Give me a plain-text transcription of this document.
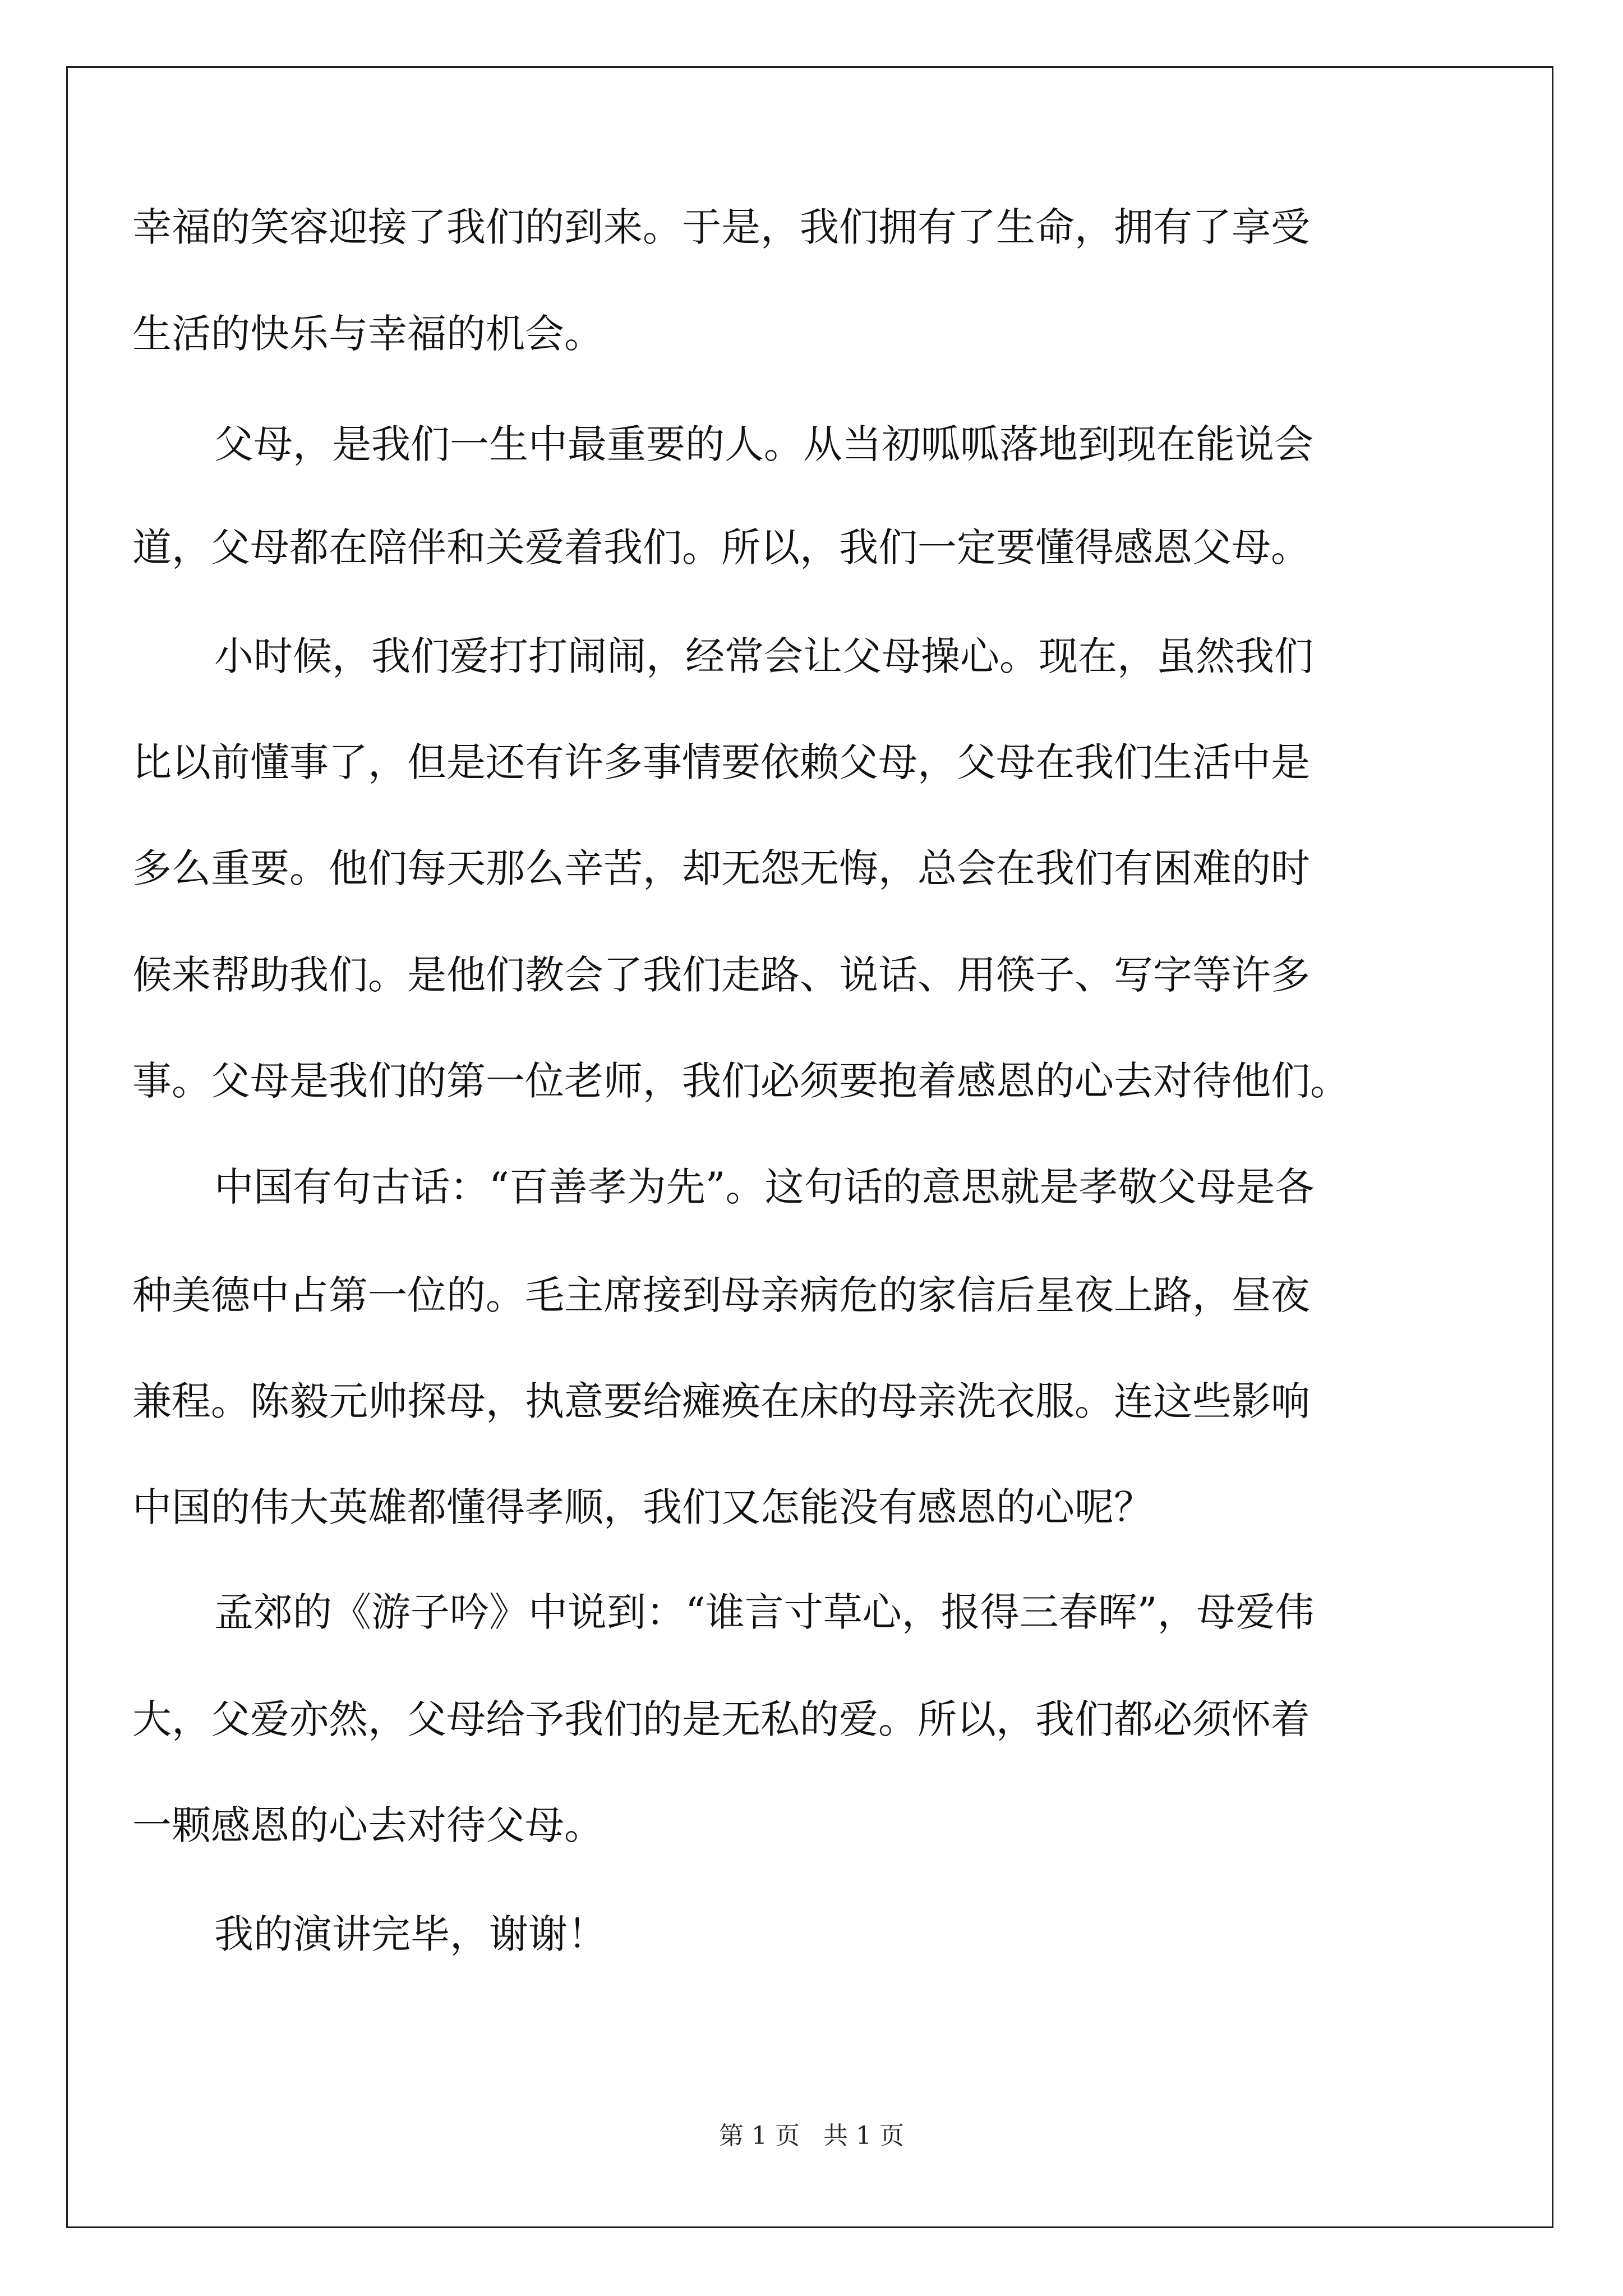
幸福的笑容迎接了我们的到来。于是，我们拥有了生命，拥有了享受
生活的快乐与幸福的机会。
父母，是我们一生中最重要的人。从当初呱呱落地到现在能说会
道，父母都在陪伴和关爱着我们。所以，我们一定要懂得感恩父母。
小时候，我们爱打打闹闹，经常会让父母操心。现在，虽然我们
比以前懂事了，但是还有许多事情要依赖父母，父母在我们生活中是
多么重要。他们每天那么辛苦，却无怨无悔，总会在我们有困难的时
候来帮助我们。是他们教会了我们走路、说话、用筷子、写字等许多
事。父母是我们的第一位老师，我们必须要抱着感恩的心去对待他们。
中国有句古话：“百善孝为先”。这句话的意思就是孝敬父母是各
种美德中占第一位的。毛主席接到母亲病危的家信后星夜上路，昼夜
兼程。陈毅元帅探母，执意要给瘫痪在床的母亲洗衣服。连这些影响
中国的伟大英雄都懂得孝顺，我们又怎能没有感恩的心呢？
孟郊的《游子吟》中说到：“谁言寸草心，报得三春晖”，母爱伟
大，父爱亦然，父母给予我们的是无私的爱。所以，我们都必须怀着
一颗感恩的心去对待父母。
我的演讲完毕，谢谢！
第 1 页   共 1 页
